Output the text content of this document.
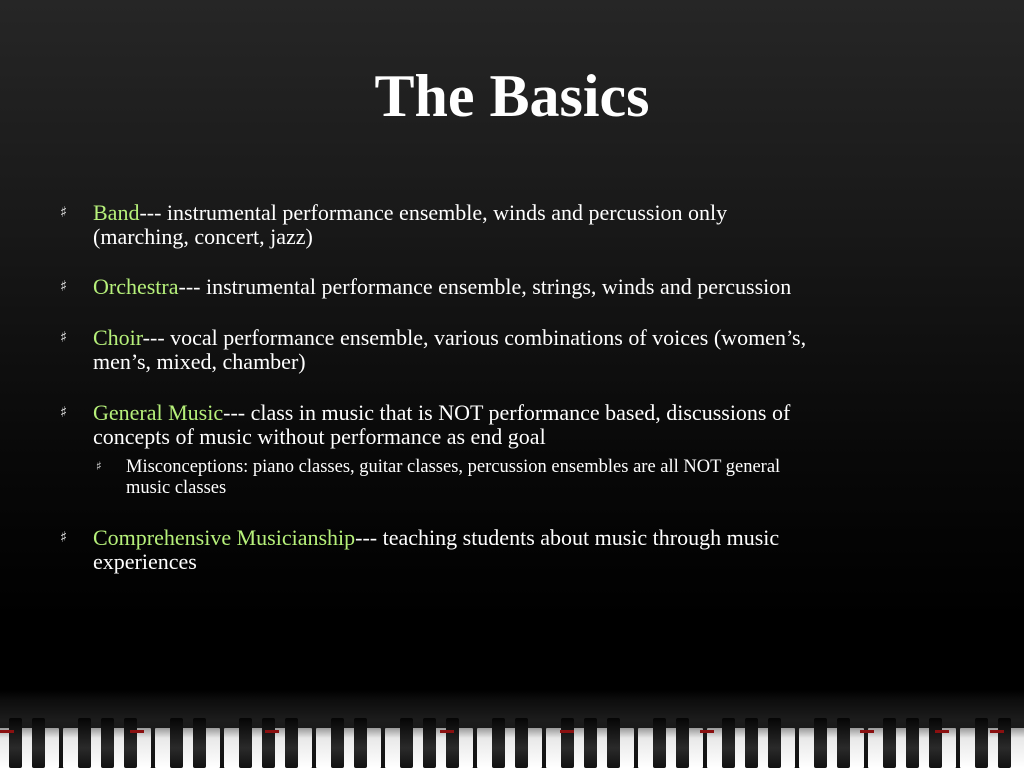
The Basics
♯ Band--- instrumental performance ensemble, winds and percussion only
(marching, concert, jazz)
♯ Orchestra--- instrumental performance ensemble, strings, winds and percussion
♯ Choir--- vocal performance ensemble, various combinations of voices (women’s,
men’s, mixed, chamber)
♯ General Music--- class in music that is NOT performance based, discussions of
concepts of music without performance as end goal
♯ Misconceptions: piano classes, guitar classes, percussion ensembles are all NOT general
music classes
♯ Comprehensive Musicianship--- teaching students about music through music
experiences
